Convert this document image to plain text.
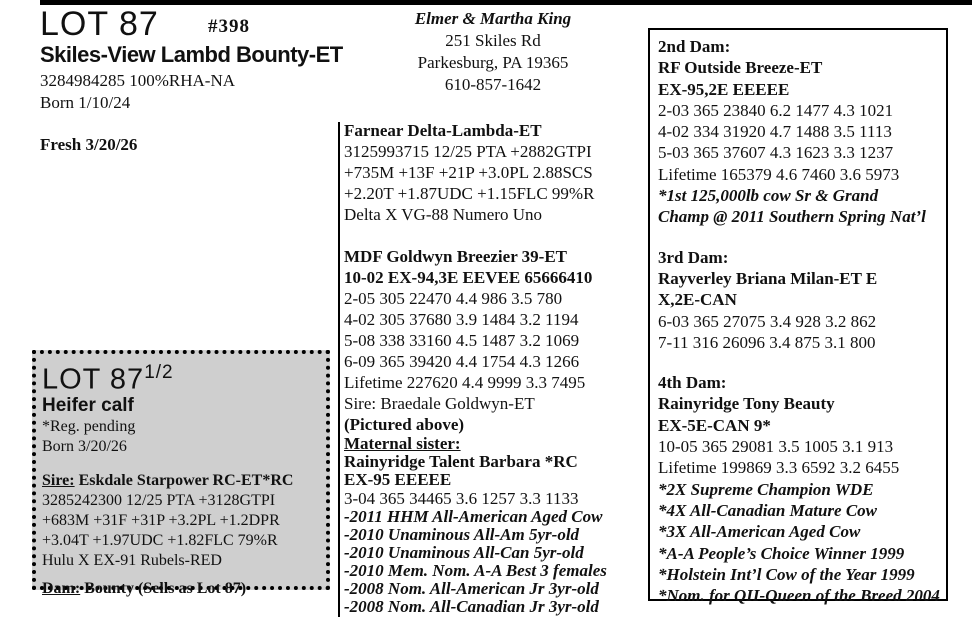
LOT 87	#398
Skiles-View Lambd Bounty-ET
3284984285 100%RHA-NA
Born 1/10/24
Fresh 3/20/26
Elmer & Martha King
251 Skiles Rd
Parkesburg, PA 19365
610-857-1642
Farnear Delta-Lambda-ET
3125993715 12/25 PTA +2882GTPI
+735M +13F +21P +3.0PL 2.88SCS
+2.20T +1.87UDC +1.15FLC 99%R
Delta X VG-88 Numero Uno
MDF Goldwyn Breezier 39-ET
10-02 EX-94,3E EEVEE 65666410
2-05 305 22470 4.4 986 3.5 780
4-02 305 37680 3.9 1484 3.2 1194
5-08 338 33160 4.5 1487 3.2 1069
6-09 365 39420 4.4 1754 4.3 1266
Lifetime 227620 4.4 9999 3.3 7495
Sire: Braedale Goldwyn-ET
(Pictured above)
Maternal sister:
Rainyridge Talent Barbara *RC
EX-95 EEEEE
3-04 365 34465 3.6 1257 3.3 1133
-2011 HHM All-American Aged Cow
-2010 Unaminous All-Am 5yr-old
-2010 Unaminous All-Can 5yr-old
-2010 Mem. Nom. A-A Best 3 females
-2008 Nom. All-American Jr 3yr-old
-2008 Nom. All-Canadian Jr 3yr-old
2nd Dam:
RF Outside Breeze-ET
EX-95,2E EEEEE
2-03 365 23840 6.2 1477 4.3 1021
4-02 334 31920 4.7 1488 3.5 1113
5-03 365 37607 4.3 1623 3.3 1237
Lifetime 165379 4.6 7460 3.6 5973
*1st 125,000lb cow Sr & Grand
Champ @ 2011 Southern Spring Nat’l
3rd Dam:
Rayverley Briana Milan-ET E
X,2E-CAN
6-03 365 27075 3.4 928 3.2 862
7-11 316 26096 3.4 875 3.1 800
4th Dam:
Rainyridge Tony Beauty
EX-5E-CAN 9*
10-05 365 29081 3.5 1005 3.1 913
Lifetime 199869 3.3 6592 3.2 6455
*2X Supreme Champion WDE
*4X All-Canadian Mature Cow
*3X All-American Aged Cow
*A-A People’s Choice Winner 1999
*Holstein Int’l Cow of the Year 1999
*Nom. for QII-Queen of the Breed 2004
LOT $87^{1/2}$
Heifer calf
*Reg. pending
Born 3/20/26
Sire: Eskdale Starpower RC-ET*RC
3285242300 12/25 PTA +3128GTPI
+683M +31F +31P +3.2PL +1.2DPR
+3.04T +1.97UDC +1.82FLC 79%R
Hulu X EX-91 Rubels-RED
Dam: Bounty (Sells as Lot 87)
